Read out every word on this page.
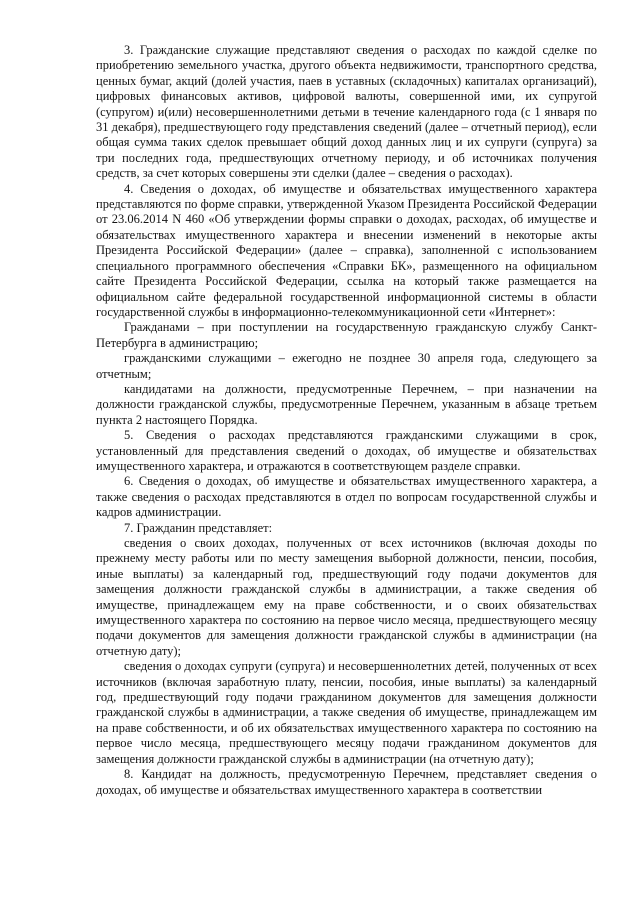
3. Гражданские служащие представляют сведения о расходах по каждой сделке по приобретению земельного участка, другого объекта недвижимости, транспортного средства, ценных бумаг, акций (долей участия, паев в уставных (складочных) капиталах организаций), цифровых финансовых активов, цифровой валюты, совершенной ими, их супругой (супругом) и(или) несовершеннолетними детьми в течение календарного года (с 1 января по 31 декабря), предшествующего году представления сведений (далее – отчетный период), если общая сумма таких сделок превышает общий доход данных лиц и их супруги (супруга) за три последних года, предшествующих отчетному периоду, и об источниках получения средств, за счет которых совершены эти сделки (далее – сведения о расходах).

4. Сведения о доходах, об имуществе и обязательствах имущественного характера представляются по форме справки, утвержденной Указом Президента Российской Федерации от 23.06.2014 N 460 «Об утверждении формы справки о доходах, расходах, об имуществе и обязательствах имущественного характера и внесении изменений в некоторые акты Президента Российской Федерации» (далее – справка), заполненной с использованием специального программного обеспечения «Справки БК», размещенного на официальном сайте Президента Российской Федерации, ссылка на который также размещается на официальном сайте федеральной государственной информационной системы в области государственной службы в информационно-телекоммуникационной сети «Интернет»:

Гражданами – при поступлении на государственную гражданскую службу Санкт-Петербурга в администрацию;

гражданскими служащими – ежегодно не позднее 30 апреля года, следующего за отчетным;

кандидатами на должности, предусмотренные Перечнем, – при назначении на должности гражданской службы, предусмотренные Перечнем, указанным в абзаце третьем пункта 2 настоящего Порядка.

5. Сведения о расходах представляются гражданскими служащими в срок, установленный для представления сведений о доходах, об имуществе и обязательствах имущественного характера, и отражаются в соответствующем разделе справки.

6. Сведения о доходах, об имуществе и обязательствах имущественного характера, а также сведения о расходах представляются в отдел по вопросам государственной службы и кадров администрации.

7. Гражданин представляет:

сведения о своих доходах, полученных от всех источников (включая доходы по прежнему месту работы или по месту замещения выборной должности, пенсии, пособия, иные выплаты) за календарный год, предшествующий году подачи документов для замещения должности гражданской службы в администрации, а также сведения об имуществе, принадлежащем ему на праве собственности, и о своих обязательствах имущественного характера по состоянию на первое число месяца, предшествующего месяцу подачи документов для замещения должности гражданской службы в администрации (на отчетную дату);

сведения о доходах супруги (супруга) и несовершеннолетних детей, полученных от всех источников (включая заработную плату, пенсии, пособия, иные выплаты) за календарный год, предшествующий году подачи гражданином документов для замещения должности гражданской службы в администрации, а также сведения об имуществе, принадлежащем им на праве собственности, и об их обязательствах имущественного характера по состоянию на первое число месяца, предшествующего месяцу подачи гражданином документов для замещения должности гражданской службы в администрации (на отчетную дату);

8. Кандидат на должность, предусмотренную Перечнем, представляет сведения о доходах, об имуществе и обязательствах имущественного характера в соответствии
